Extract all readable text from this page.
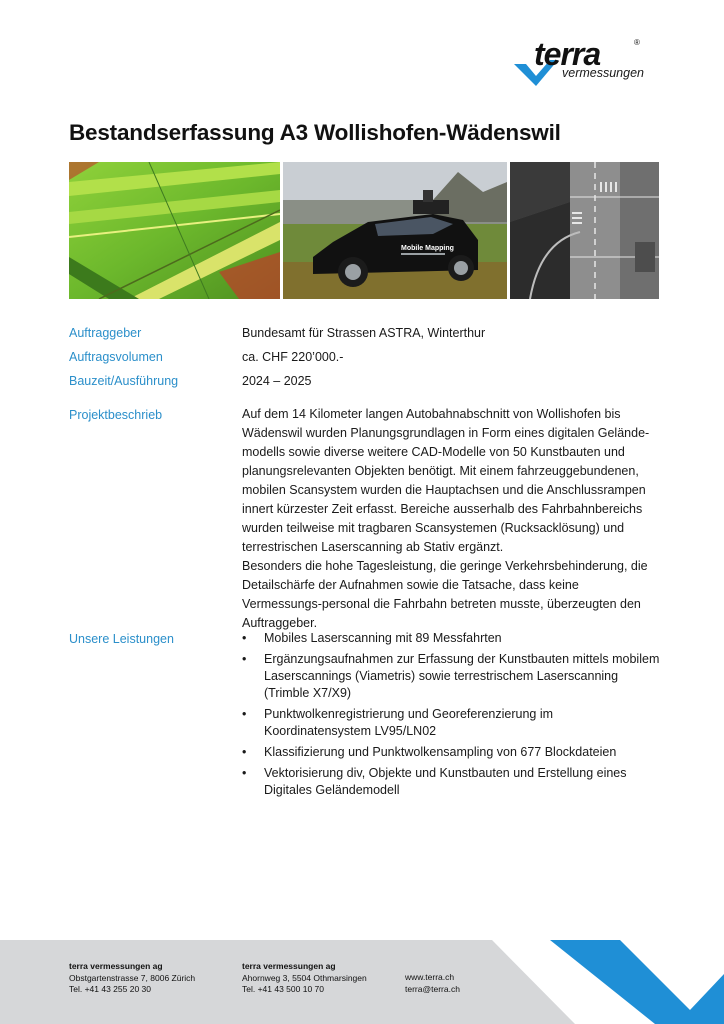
terra	®
vermessungen
Bestandserfassung A3 Wollishofen-Wädenswil
Mobile Mapping
Auftraggeber	Bundesamt für Strassen ASTRA, Winterthur
Auftragsvolumen	ca. CHF 220’000.-
Bauzeit/Ausführung	2024 – 2025
Projektbeschrieb	Auf dem 14 Kilometer langen Autobahnabschnitt von Wollishofen bis Wädenswil wurden Planungsgrundlagen in Form eines digitalen Gelände-modells sowie diverse weitere CAD-Modelle von 50 Kunstbauten und planungsrelevanten Objekten benötigt. Mit einem fahrzeuggebundenen, mobilen Scansystem wurden die Hauptachsen und die Anschlussrampen innert kürzester Zeit erfasst. Bereiche ausserhalb des Fahrbahnbereichs wurden teilweise mit tragbaren Scansystemen (Rucksacklösung) und terrestrischen Laserscanning ab Stativ ergänzt.

Besonders die hohe Tagesleistung, die geringe Verkehrsbehinderung, die Detailschärfe der Aufnahmen sowie die Tatsache, dass keine Vermessungs-personal die Fahrbahn betreten musste, überzeugten den Auftraggeber.

Unsere Leistungen	• Mobiles Laserscanning mit 89 Messfahrten
• Ergänzungsaufnahmen zur Erfassung der Kunstbauten mittels mobilem Laserscannings (Viametris) sowie terrestrischem Laserscanning (Trimble X7/X9)
• Punktwolkenregistrierung und Georeferenzierung im Koordinatensystem LV95/LN02
• Klassifizierung und Punktwolkensampling von 677 Blockdateien
• Vektorisierung div, Objekte und Kunstbauten und Erstellung eines Digitales Geländemodell
terra vermessungen ag
Obstgartenstrasse 7, 8006 Zürich
Tel. +41 43 255 20 30
terra vermessungen ag
Ahornweg 3, 5504 Othmarsingen
Tel. +41 43 500 10 70
www.terra.ch
terra@terra.ch
